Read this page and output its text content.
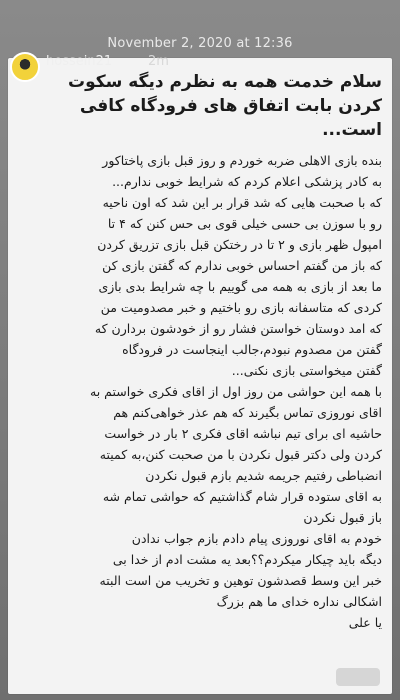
سلام خدمت همه به نظرم دیگه سکوت
کردن بابت اتفاق های فرودگاه کافی
است...

بنده بازی الاهلی ضربه خوردم و روز قبل بازی پاختاکور

به کادر پزشکی اعلام کردم که شرایط خوبی ندارم...

که با صحبت هایی که شد قرار بر این شد که اون ناحیه

رو با سوزن بی حسی خیلی قوی بی حس کنن که ۴ تا

امپول ظهر بازی و ۲ تا در رختکن قبل بازی تزریق کردن

که باز من گفتم احساس خوبی ندارم که گفتن بازی کن

ما بعد از بازی به همه می گوییم با چه شرایط بدی بازی

کردی که متاسفانه بازی رو باختیم و خبر مصدومیت من

که امد دوستان خواستن فشار رو از خودشون بردارن که

گفتن من مصدوم نبودم،جالب اینجاست در فرودگاه

گفتن میخواستی بازی نکنی...

با همه این حواشی من روز اول از اقای فکری خواستم به

اقای نوروزی تماس بگیرند که هم عذر خواهی‌کنم هم

حاشیه ای برای تیم نباشه اقای فکری ۲ بار در خواست

کردن ولی دکتر قبول نکردن با من صحبت کنن،به کمیته

انضباطی رفتیم جریمه شدیم بازم قبول نکردن

به اقای ستوده قرار شام گذاشتیم که حواشی تمام شه

باز قبول نکردن

خودم به اقای نوروزی پیام دادم بازم جواب ندادن

دیگه باید چیکار میکردم؟؟بعد یه مشت ادم از خدا بی

خبر این وسط قصدشون توهین و تخریب من است البته

اشکالی نداره خدای ما هم بزرگ

یا علی

November 2, 2020 at 12:36
hossein21	2m
